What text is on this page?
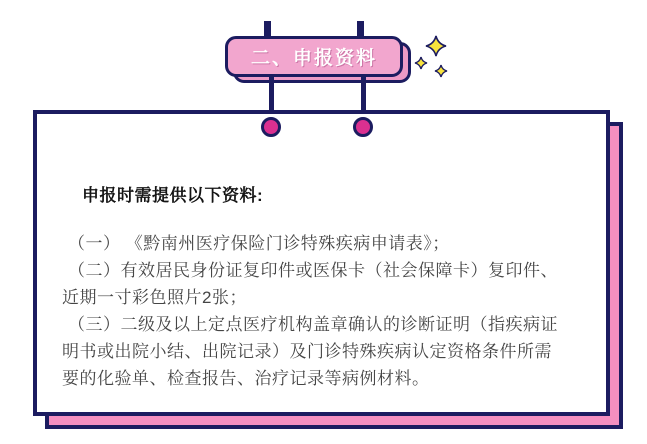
二、申报资料
申报时需提供以下资料:
（一） 《黔南州医疗保险门诊特殊疾病申请表》；
（二）有效居民身份证复印件或医保卡（社会保障卡）复印件、
近期一寸彩色照片2张；
（三）二级及以上定点医疗机构盖章确认的诊断证明（指疾病证
明书或出院小结、出院记录）及门诊特殊疾病认定资格条件所需
要的化验单、检查报告、治疗记录等病例材料。
